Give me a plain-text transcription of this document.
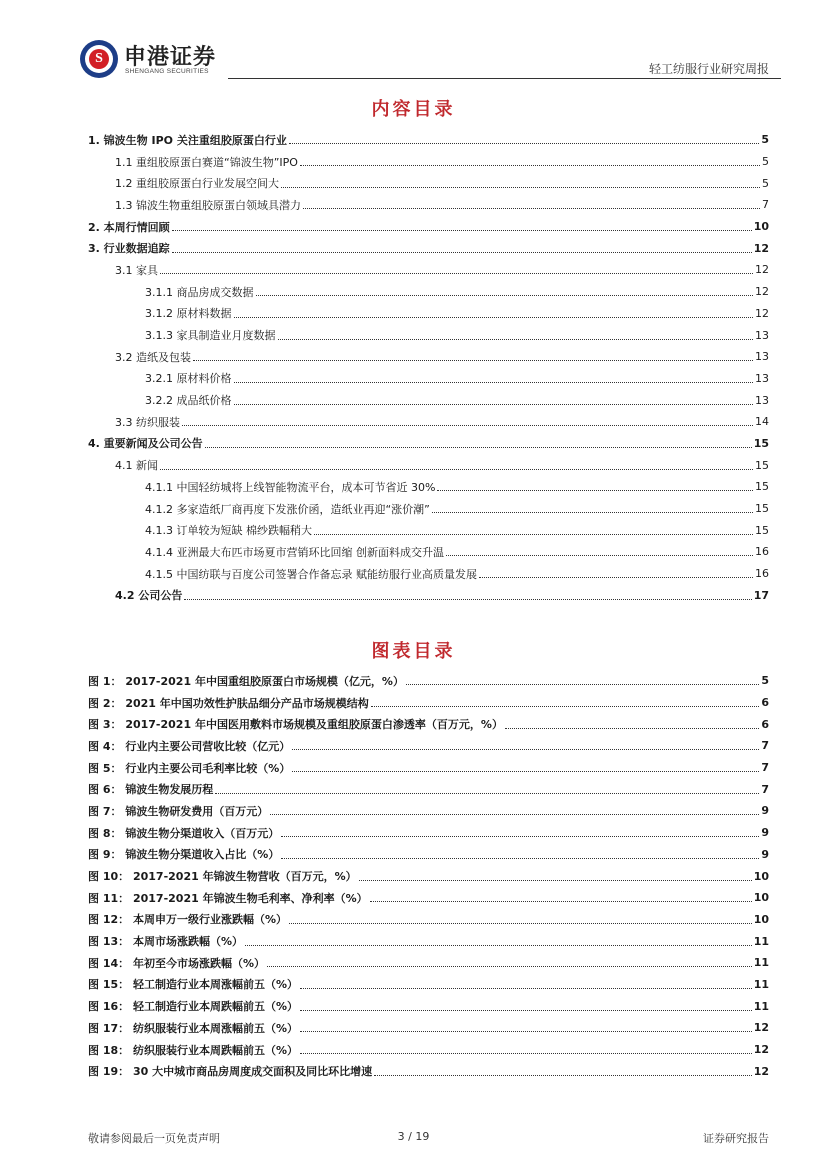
S 申港证券
SHENGANG SECURITIES	轻工纺服行业研究周报
内容目录
1. 锦波生物 IPO 关注重组胶原蛋白行业	5
1.1 重组胶原蛋白赛道“锦波生物”IPO	5
1.2 重组胶原蛋白行业发展空间大	5
1.3 锦波生物重组胶原蛋白领域具潜力	7
2. 本周行情回顾	10
3. 行业数据追踪	12
3.1 家具	12
3.1.1 商品房成交数据	12
3.1.2 原材料数据	12
3.1.3 家具制造业月度数据	13
3.2 造纸及包装	13
3.2.1 原材料价格	13
3.2.2 成品纸价格	13
3.3 纺织服装	14
4. 重要新闻及公司公告	15
4.1 新闻	15
4.1.1 中国轻纺城将上线智能物流平台，成本可节省近 30%	15
4.1.2 多家造纸厂商再度下发涨价函，造纸业再迎“涨价潮”	15
4.1.3 订单较为短缺 棉纱跌幅稍大	15
4.1.4 亚洲最大布匹市场夏市营销环比回缩 创新面料成交升温	16
4.1.5 中国纺联与百度公司签署合作备忘录 赋能纺服行业高质量发展	16
4.2 公司公告	17
图表目录
图 1： 2017-2021 年中国重组胶原蛋白市场规模（亿元，%）	5
图 2： 2021 年中国功效性护肤品细分产品市场规模结构	6
图 3： 2017-2021 年中国医用敷料市场规模及重组胶原蛋白渗透率（百万元，%）	6
图 4： 行业内主要公司营收比较（亿元）	7
图 5： 行业内主要公司毛利率比较（%）	7
图 6： 锦波生物发展历程	7
图 7： 锦波生物研发费用（百万元）	9
图 8： 锦波生物分渠道收入（百万元）	9
图 9： 锦波生物分渠道收入占比（%）	9
图 10： 2017-2021 年锦波生物营收（百万元，%）	10
图 11： 2017-2021 年锦波生物毛利率、净利率（%）	10
图 12： 本周申万一级行业涨跌幅（%）	10
图 13： 本周市场涨跌幅（%）	11
图 14： 年初至今市场涨跌幅（%）	11
图 15： 轻工制造行业本周涨幅前五（%）	11
图 16： 轻工制造行业本周跌幅前五（%）	11
图 17： 纺织服装行业本周涨幅前五（%）	12
图 18： 纺织服装行业本周跌幅前五（%）	12
图 19： 30 大中城市商品房周度成交面积及同比环比增速	12
敬请参阅最后一页免责声明	3 / 19	证券研究报告
